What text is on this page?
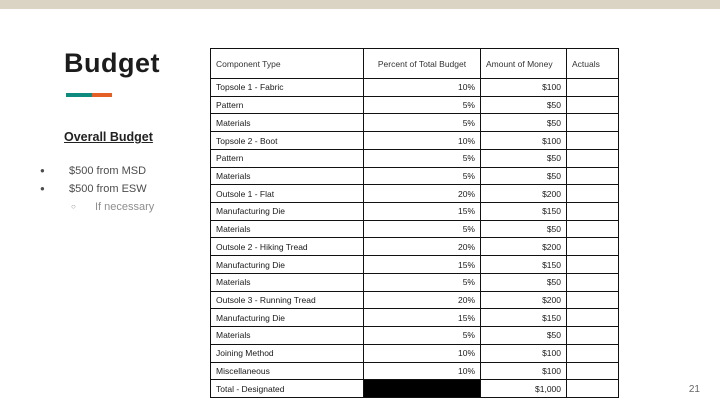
Budget
Overall Budget
●	$500 from MSD
●	$500 from ESW
○	If necessary
Component Type	Percent of Total Budget	Amount of Money	Actuals
Topsole 1 - Fabric	10%	$100	
Pattern	5%	$50	
Materials	5%	$50	
Topsole 2 - Boot	10%	$100	
Pattern	5%	$50	
Materials	5%	$50	
Outsole 1 - Flat	20%	$200	
Manufacturing Die	15%	$150	
Materials	5%	$50	
Outsole 2 - Hiking Tread	20%	$200	
Manufacturing Die	15%	$150	
Materials	5%	$50	
Outsole 3 - Running Tread	20%	$200	
Manufacturing Die	15%	$150	
Materials	5%	$50	
Joining Method	10%	$100	
Miscellaneous	10%	$100	
Total - Designated		$1,000		21
